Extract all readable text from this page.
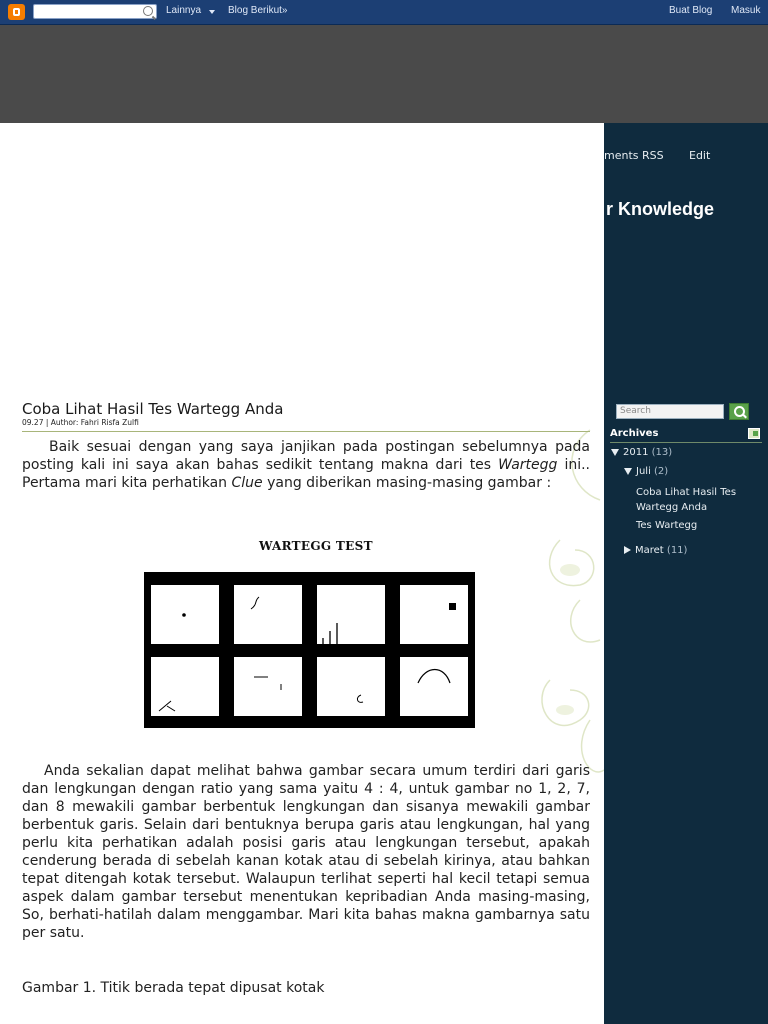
Lainnya	Blog Berikut»	Buat Blog Masuk
ments RSS Edit
r Knowledge
Search
Archives
2011 (13)
Juli (2)
Coba Lihat Hasil Tes Wartegg Anda
Tes Wartegg
Maret (11)
Coba Lihat Hasil Tes Wartegg Anda
09.27 | Author: Fahri Risfa Zulfi
Baik sesuai dengan yang saya janjikan pada postingan sebelumnya pada posting kali ini saya akan bahas sedikit tentang makna dari tes Wartegg ini.. Pertama mari kita perhatikan Clue yang diberikan masing-masing gambar :
WARTEGG TEST
Anda sekalian dapat melihat bahwa gambar secara umum terdiri dari garis dan lengkungan dengan ratio yang sama yaitu 4 : 4, untuk gambar no 1, 2, 7, dan 8 mewakili gambar berbentuk lengkungan dan sisanya mewakili gambar berbentuk garis. Selain dari bentuknya berupa garis atau lengkungan, hal yang perlu kita perhatikan adalah posisi garis atau lengkungan tersebut, apakah cenderung berada di sebelah kanan kotak atau di sebelah kirinya, atau bahkan tepat ditengah kotak tersebut. Walaupun terlihat seperti hal kecil tetapi semua aspek dalam gambar tersebut menentukan kepribadian Anda masing-masing, So, berhati-hatilah dalam menggambar. Mari kita bahas makna gambarnya satu per satu.
Gambar 1. Titik berada tepat dipusat kotak
